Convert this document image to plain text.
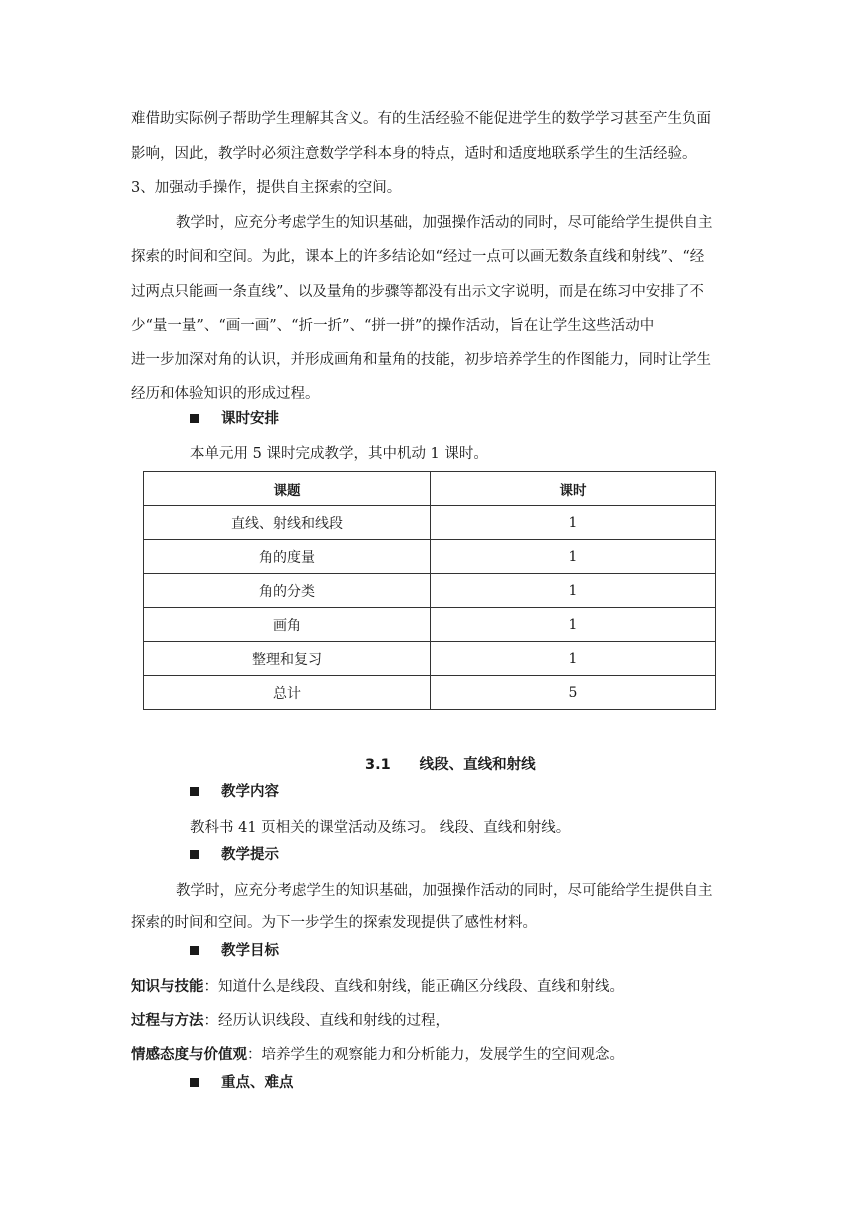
难借助实际例子帮助学生理解其含义。有的生活经验不能促进学生的数学学习甚至产生负面
影响，因此，教学时必须注意数学学科本身的特点，适时和适度地联系学生的生活经验。
3、加强动手操作，提供自主探索的空间。
教学时，应充分考虑学生的知识基础，加强操作活动的同时，尽可能给学生提供自主
探索的时间和空间。为此，课本上的许多结论如“经过一点可以画无数条直线和射线”、“经
过两点只能画一条直线”、以及量角的步骤等都没有出示文字说明，而是在练习中安排了不
少“量一量”、“画一画”、“折一折”、“拼一拼”的操作活动，旨在让学生这些活动中
进一步加深对角的认识，并形成画角和量角的技能，初步培养学生的作图能力，同时让学生
经历和体验知识的形成过程。
课时安排
本单元用 5 课时完成教学，其中机动 1 课时。
课题	课时
直线、射线和线段	1
角的度量	1
角的分类	1
画角	1
整理和复习	1
总计	5
3.1　　线段、直线和射线
教学内容
教科书 41 页相关的课堂活动及练习。 线段、直线和射线。
教学提示
教学时，应充分考虑学生的知识基础，加强操作活动的同时，尽可能给学生提供自主
探索的时间和空间。为下一步学生的探索发现提供了感性材料。
教学目标
知识与技能：知道什么是线段、直线和射线，能正确区分线段、直线和射线。
过程与方法：经历认识线段、直线和射线的过程，
情感态度与价值观：培养学生的观察能力和分析能力，发展学生的空间观念。
重点、难点
